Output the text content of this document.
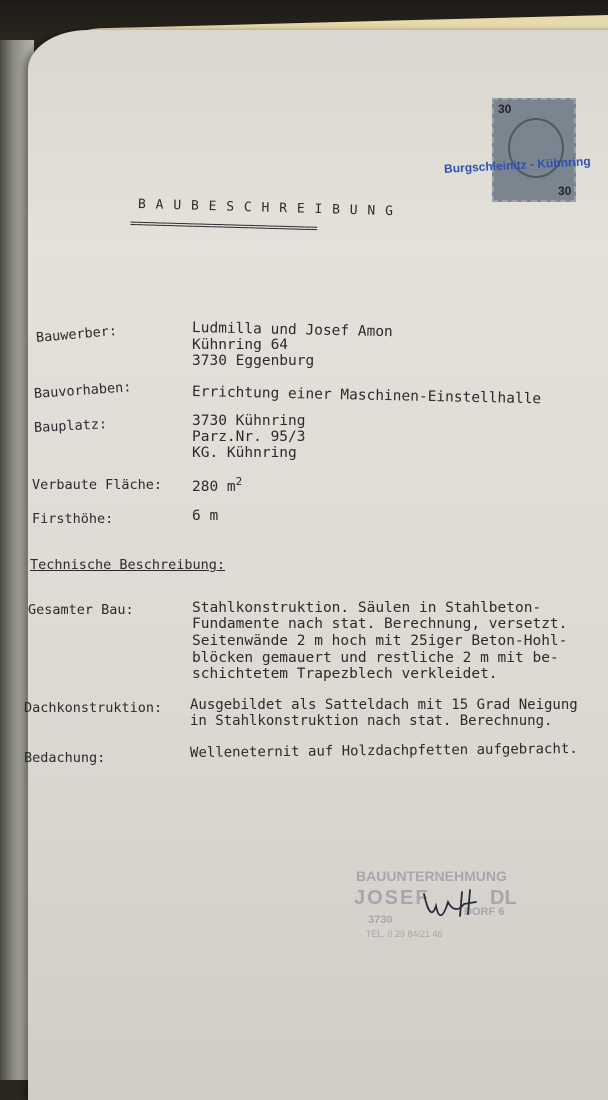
30
30
Burgschleinitz - Kühnring
B A U B E S C H R E I B U N G
==============================
Bauwerber:	Ludmilla und Josef Amon
Kühnring 64
3730 Eggenburg
Bauvorhaben:	Errichtung einer Maschinen-Einstellhalle
Bauplatz:	3730 Kühnring
Parz.Nr. 95/3
KG. Kühnring
Verbaute Fläche: 280 $m^2$
Firsthöhe:	6 m
Technische Beschreibung:
Gesamter Bau:	Stahlkonstruktion. Säulen in Stahlbeton-
Fundamente nach stat. Berechnung, versetzt.
Seitenwände 2 m hoch mit 25iger Beton-Hohl-
blöcken gemauert und restliche 2 m mit be-
schichtetem Trapezblech verkleidet.
Dachkonstruktion: Ausgebildet als Satteldach mit 15 Grad Neigung
in Stahlkonstruktion nach stat. Berechnung.
Bedachung:	Welleneternit auf Holzdachpfetten aufgebracht.
BAUUNTERNEHMUNG
JOSEF	DL
3730
DORF 6
TEL. 0 29 84/21 46
